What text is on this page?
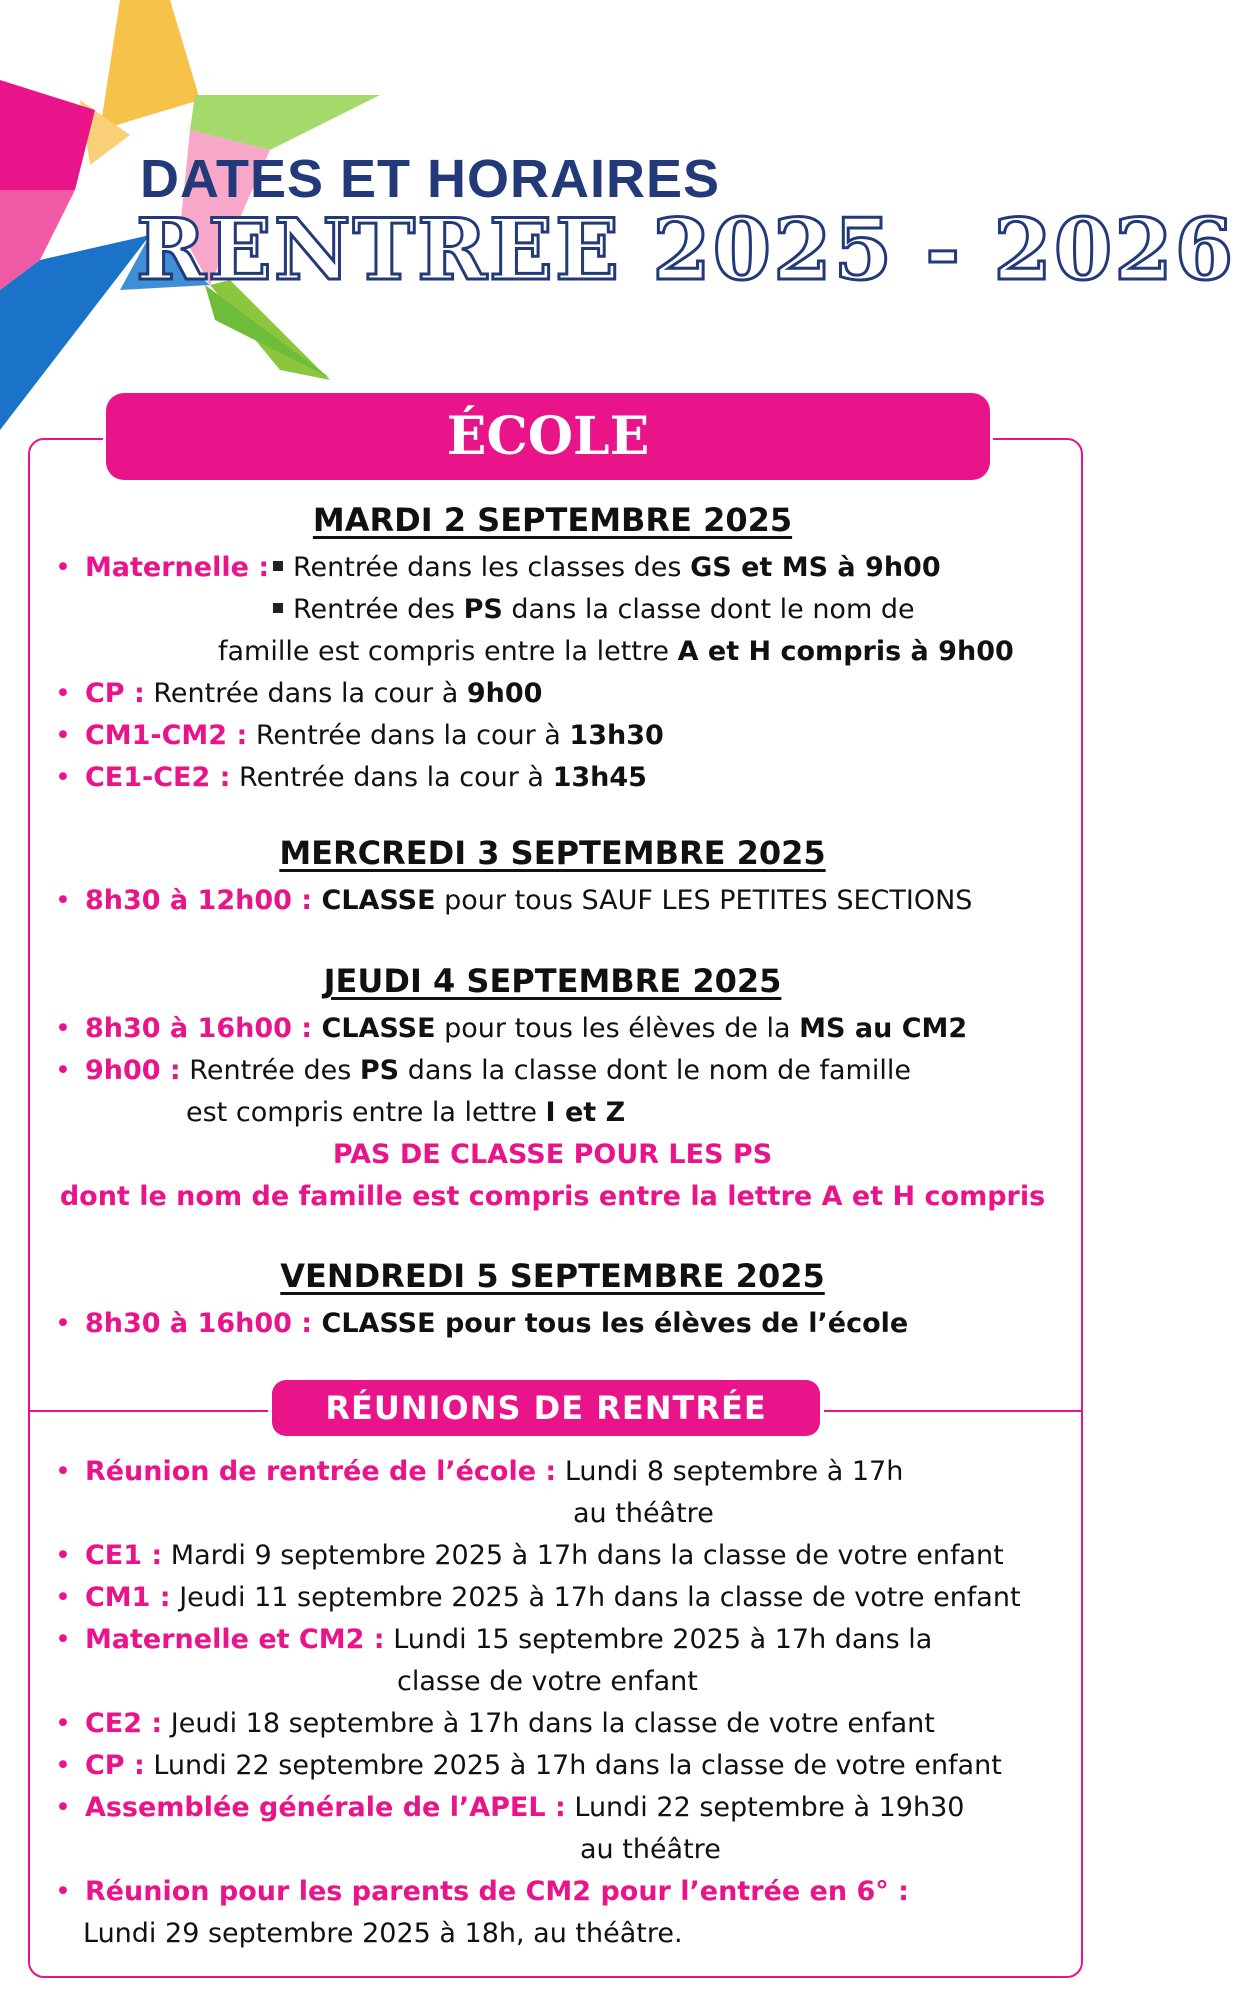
DATES ET HORAIRES
RENTREE 2025 - 2026
ÉCOLE
MARDI 2 SEPTEMBRE 2025
• Maternelle : Rentrée dans les classes des GS et MS à 9h00
Rentrée des PS dans la classe dont le nom de
famille est compris entre la lettre A et H compris à 9h00
• CP : Rentrée dans la cour à 9h00
• CM1-CM2 : Rentrée dans la cour à 13h30
• CE1-CE2 : Rentrée dans la cour à 13h45
MERCREDI 3 SEPTEMBRE 2025
• 8h30 à 12h00 : CLASSE pour tous SAUF LES PETITES SECTIONS
JEUDI 4 SEPTEMBRE 2025
• 8h30 à 16h00 : CLASSE pour tous les élèves de la MS au CM2
• 9h00 : Rentrée des PS dans la classe dont le nom de famille
est compris entre la lettre I et Z
PAS DE CLASSE POUR LES PS
dont le nom de famille est compris entre la lettre A et H compris
VENDREDI 5 SEPTEMBRE 2025
• 8h30 à 16h00 : CLASSE pour tous les élèves de l’école
RÉUNIONS DE RENTRÉE
• Réunion de rentrée de l’école : Lundi 8 septembre à 17h
au théâtre
• CE1 : Mardi 9 septembre 2025 à 17h dans la classe de votre enfant
• CM1 : Jeudi 11 septembre 2025 à 17h dans la classe de votre enfant
• Maternelle et CM2 : Lundi 15 septembre 2025 à 17h dans la
classe de votre enfant
• CE2 : Jeudi 18 septembre à 17h dans la classe de votre enfant
• CP : Lundi 22 septembre 2025 à 17h dans la classe de votre enfant
• Assemblée générale de l’APEL : Lundi 22 septembre à 19h30
au théâtre
• Réunion pour les parents de CM2 pour l’entrée en 6° :
Lundi 29 septembre 2025 à 18h, au théâtre.
